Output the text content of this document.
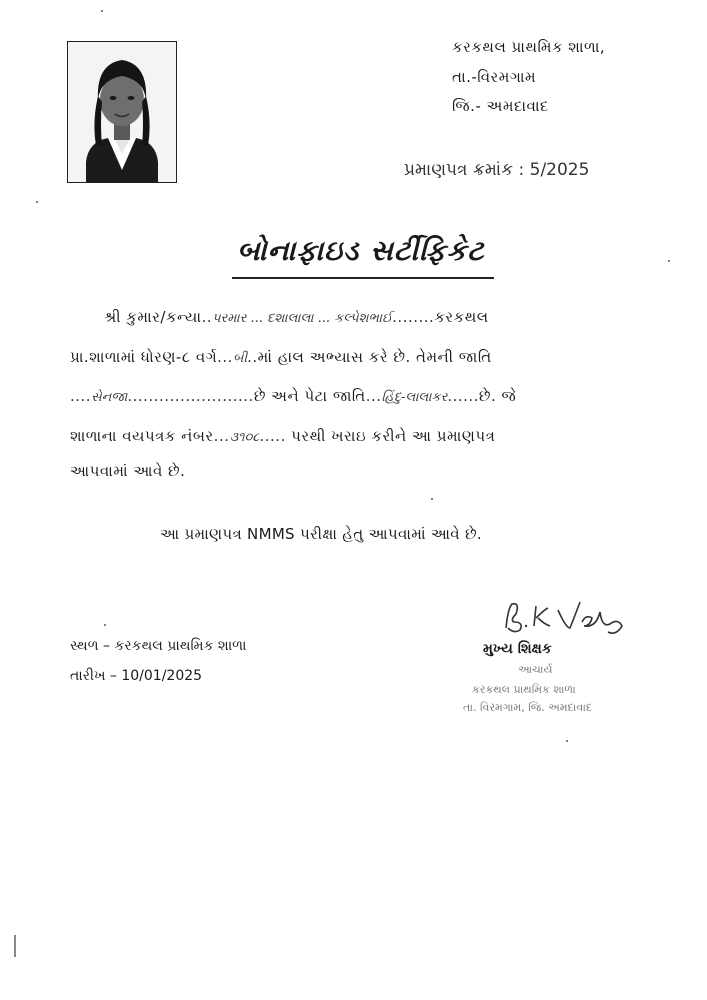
કરકથલ પ્રાથમિક શાળા,
તા.-વિરમગામ
જિ.- અમદાવાદ
પ્રમાણપત્ર ક્રમાંક : 5/2025
બોનાફાઇડ સર્ટીફિકેટ
શ્રી કુમાર/કન્યા..પરમાર ... દશાલાલા ... કલ્પેશભાઈ........કરકથલ
પ્રા.શાળામાં ધોરણ-૮ વર્ગ...બી..માં હાલ અભ્યાસ કરે છે. તેમની જાતિ
....સેનજા........................છે અને પેટા જાતિ...હિંદુ-લાલાકર......છે. જે
શાળાના વયપત્રક નંબર...૩૧૦૮..... પરથી ખરાઇ કરીને આ પ્રમાણપત્ર
આપવામાં આવે છે.
આ પ્રમાણપત્ર NMMS પરીક્ષા હેતુ આપવામાં આવે છે.
સ્થળ – કરકથલ પ્રાથમિક શાળા
તારીખ – 10/01/2025
મુખ્ય શિક્ષક
આચાર્ય
કરકથલ પ્રાથમિક શાળા
તા. વિરમગામ, જિ. અમદાવાદ
